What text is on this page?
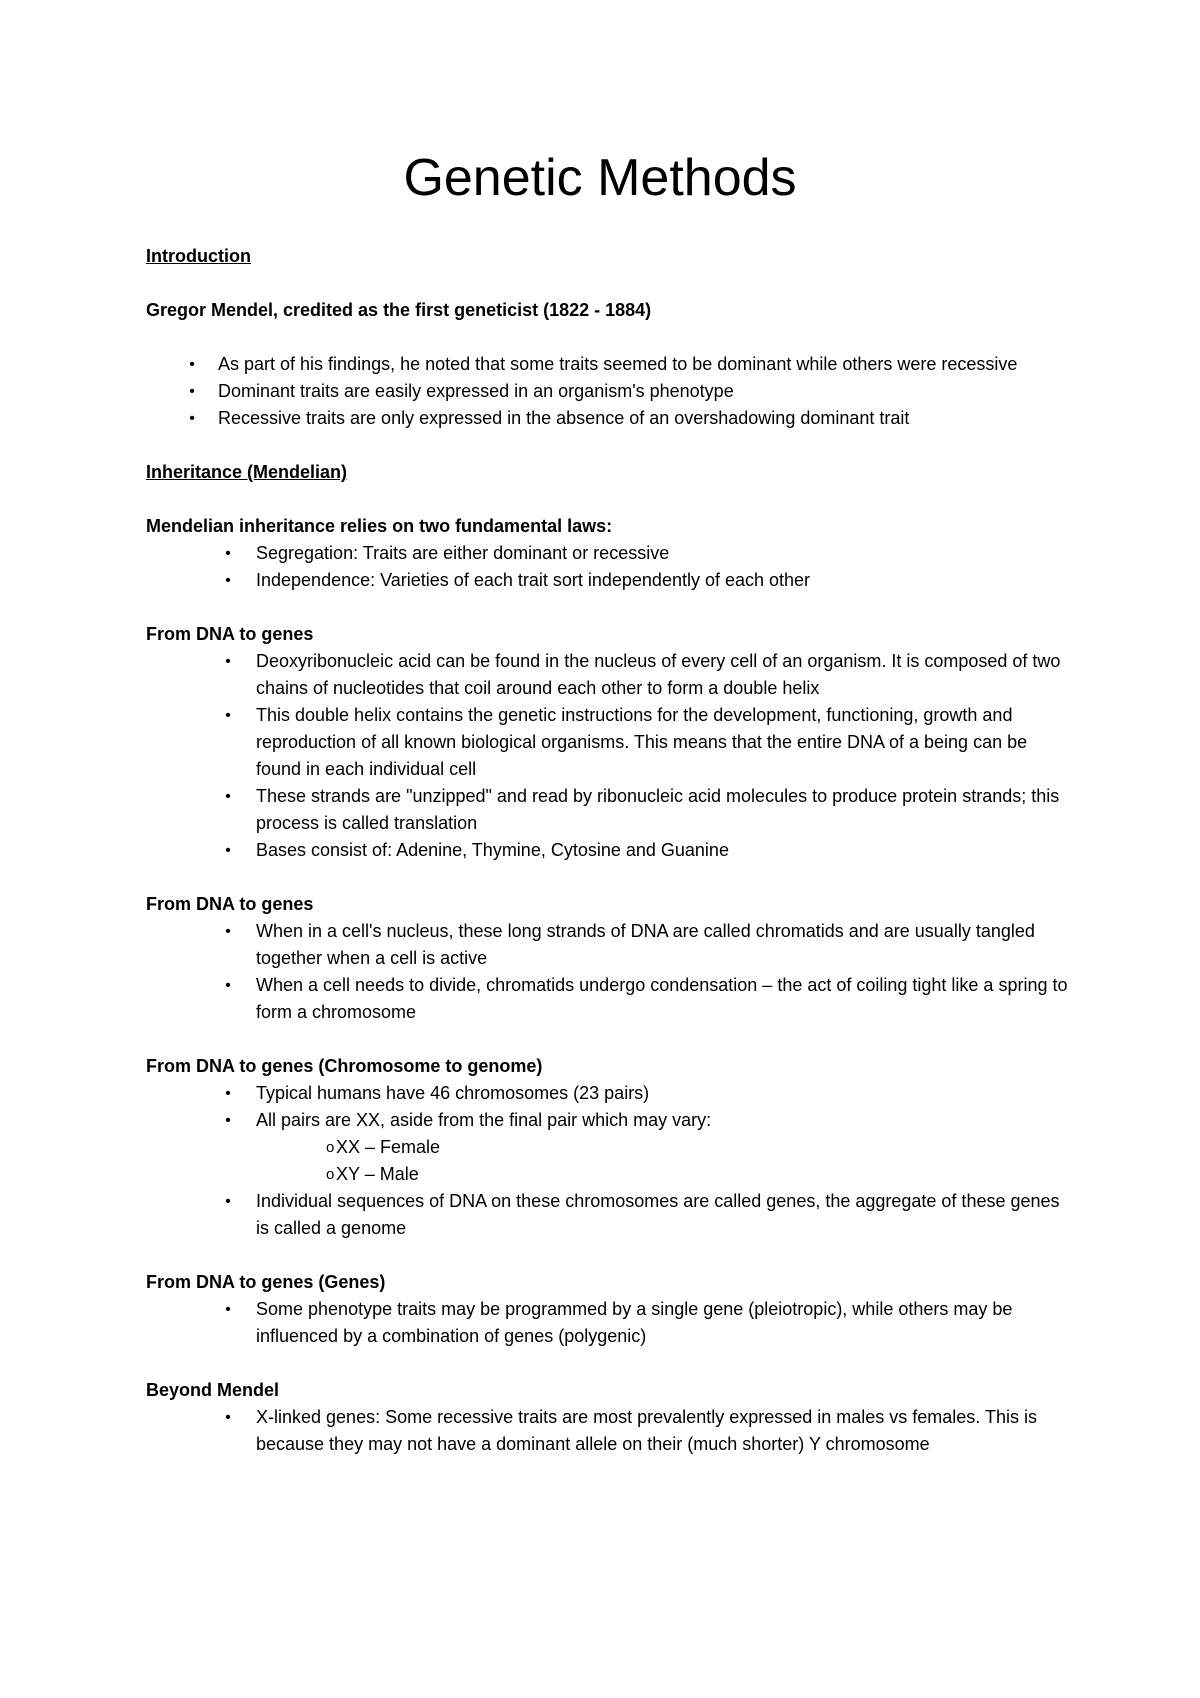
Genetic Methods

Introduction

Gregor Mendel, credited as the first geneticist (1822 - 1884)

• As part of his findings, he noted that some traits seemed to be dominant while others were recessive
• Dominant traits are easily expressed in an organism's phenotype
• Recessive traits are only expressed in the absence of an overshadowing dominant trait

Inheritance (Mendelian)

Mendelian inheritance relies on two fundamental laws:

• Segregation: Traits are either dominant or recessive
• Independence: Varieties of each trait sort independently of each other

From DNA to genes

• Deoxyribonucleic acid can be found in the nucleus of every cell of an organism. It is composed of two chains of nucleotides that coil around each other to form a double helix
• This double helix contains the genetic instructions for the development, functioning, growth and reproduction of all known biological organisms. This means that the entire DNA of a being can be found in each individual cell
• These strands are "unzipped" and read by ribonucleic acid molecules to produce protein strands; this process is called translation
• Bases consist of: Adenine, Thymine, Cytosine and Guanine

From DNA to genes

• When in a cell's nucleus, these long strands of DNA are called chromatids and are usually tangled together when a cell is active
• When a cell needs to divide, chromatids undergo condensation – the act of coiling tight like a spring to form a chromosome

From DNA to genes (Chromosome to genome)

• Typical humans have 46 chromosomes (23 pairs)
• All pairs are XX, aside from the final pair which may vary:
o XX – Female
o XY – Male
• Individual sequences of DNA on these chromosomes are called genes, the aggregate of these genes is called a genome

From DNA to genes (Genes)

• Some phenotype traits may be programmed by a single gene (pleiotropic), while others may be influenced by a combination of genes (polygenic)

Beyond Mendel

• X-linked genes: Some recessive traits are most prevalently expressed in males vs females. This is because they may not have a dominant allele on their (much shorter) Y chromosome
